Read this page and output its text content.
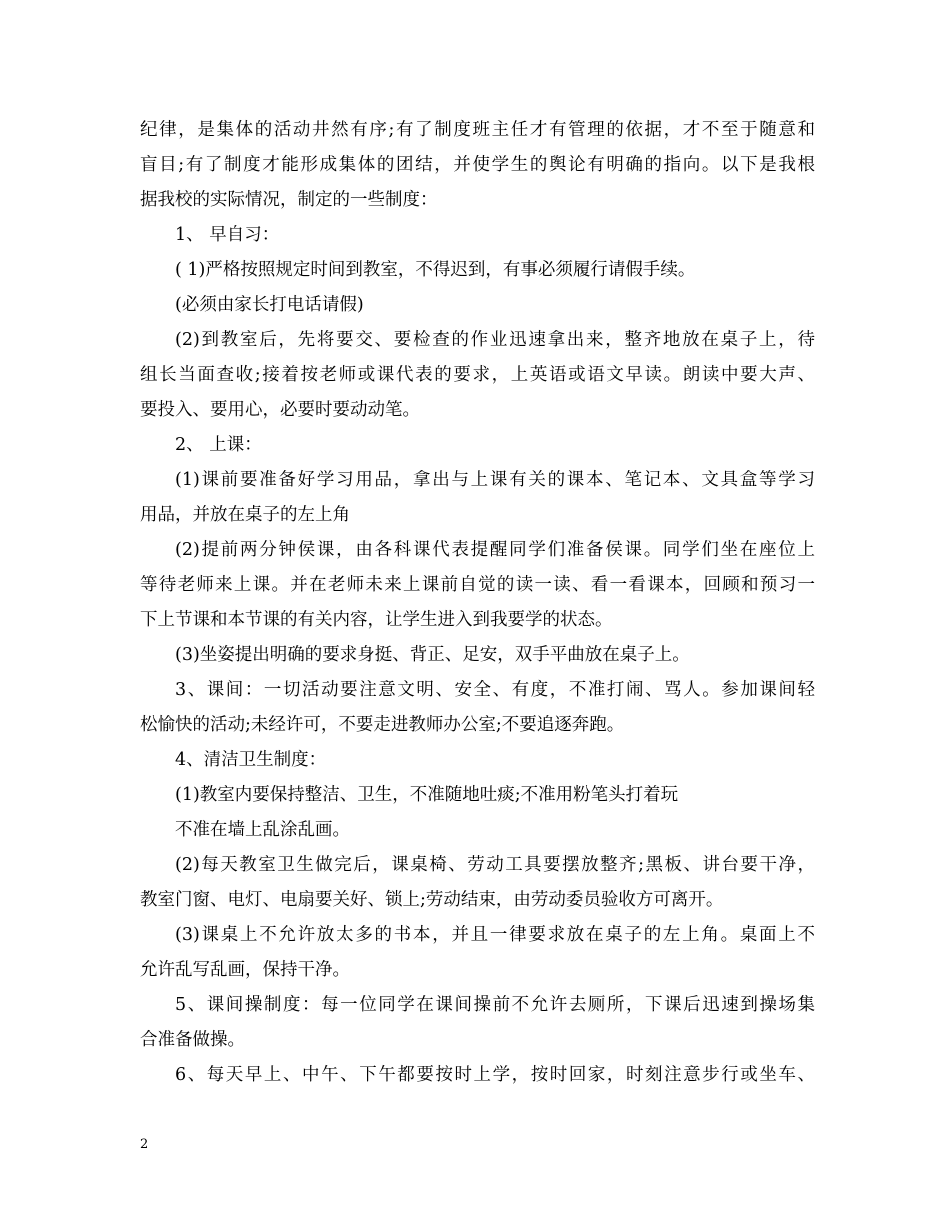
纪律，是集体的活动井然有序;有了制度班主任才有管理的依据，才不至于随意和
盲目;有了制度才能形成集体的团结，并使学生的舆论有明确的指向。以下是我根
据我校的实际情况，制定的一些制度：
1、 早自习：
( 1)严格按照规定时间到教室，不得迟到，有事必须履行请假手续。
(必须由家长打电话请假)
(2)到教室后，先将要交、要检查的作业迅速拿出来，整齐地放在桌子上，待
组长当面查收;接着按老师或课代表的要求，上英语或语文早读。朗读中要大声、
要投入、要用心，必要时要动动笔。
2、 上课：
(1)课前要准备好学习用品，拿出与上课有关的课本、笔记本、文具盒等学习
用品，并放在桌子的左上角
(2)提前两分钟侯课，由各科课代表提醒同学们准备侯课。同学们坐在座位上
等待老师来上课。并在老师未来上课前自觉的读一读、看一看课本，回顾和预习一
下上节课和本节课的有关内容，让学生进入到我要学的状态。
(3)坐姿提出明确的要求身挺、背正、足安，双手平曲放在桌子上。
3、课间：一切活动要注意文明、安全、有度，不准打闹、骂人。参加课间轻
松愉快的活动;未经许可，不要走进教师办公室;不要追逐奔跑。
4、清洁卫生制度：
(1)教室内要保持整洁、卫生，不准随地吐痰;不准用粉笔头打着玩
不准在墙上乱涂乱画。
(2)每天教室卫生做完后，课桌椅、劳动工具要摆放整齐;黑板、讲台要干净，
教室门窗、电灯、电扇要关好、锁上;劳动结束，由劳动委员验收方可离开。
(3)课桌上不允许放太多的书本，并且一律要求放在桌子的左上角。桌面上不
允许乱写乱画，保持干净。
5、课间操制度：每一位同学在课间操前不允许去厕所，下课后迅速到操场集
合准备做操。
6、每天早上、中午、下午都要按时上学，按时回家，时刻注意步行或坐车、
2
